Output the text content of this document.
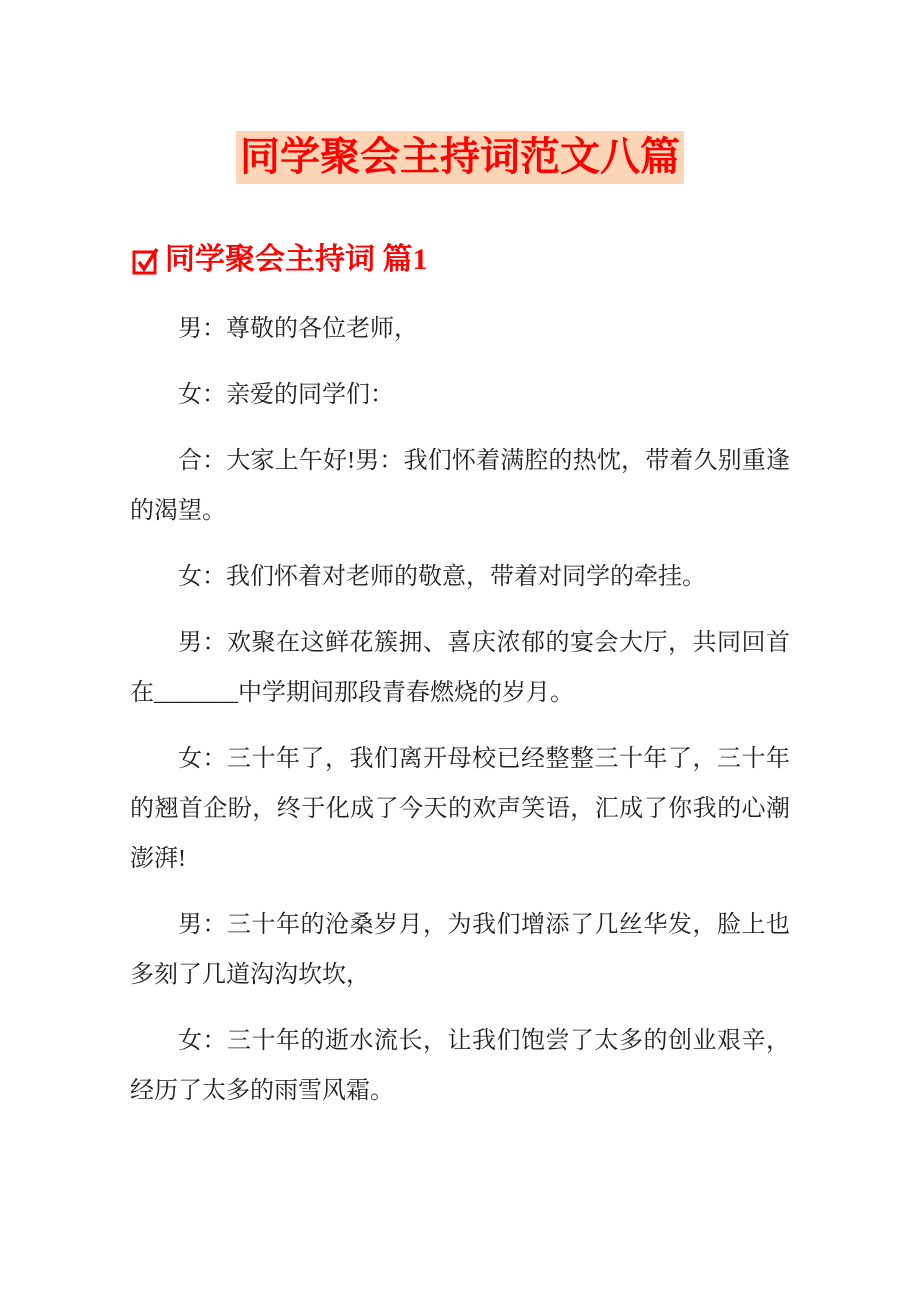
同学聚会主持词范文八篇
同学聚会主持词 篇1

男：尊敬的各位老师，

女：亲爱的同学们：

合：大家上午好!男：我们怀着满腔的热忱，带着久别重逢的渴望。

女：我们怀着对老师的敬意，带着对同学的牵挂。

男：欢聚在这鲜花簇拥、喜庆浓郁的宴会大厅，共同回首在_______中学期间那段青春燃烧的岁月。

女：三十年了，我们离开母校已经整整三十年了，三十年的翘首企盼，终于化成了今天的欢声笑语，汇成了你我的心潮澎湃!

男：三十年的沧桑岁月，为我们增添了几丝华发，脸上也多刻了几道沟沟坎坎，

女：三十年的逝水流长，让我们饱尝了太多的创业艰辛，经历了太多的雨雪风霜。
